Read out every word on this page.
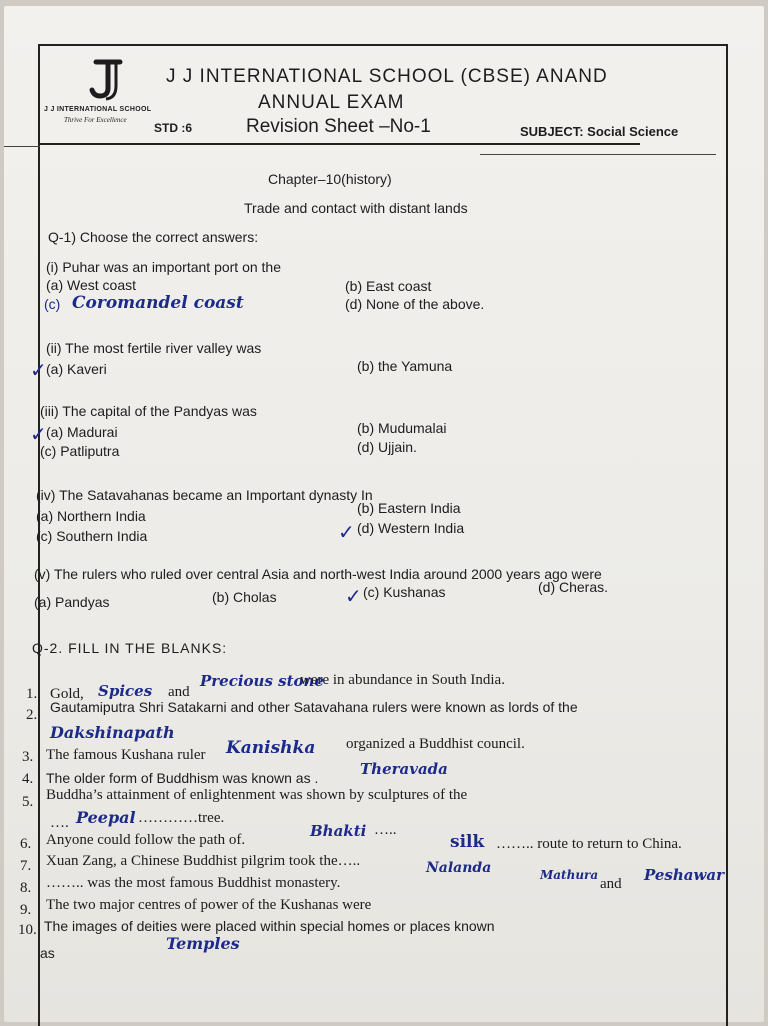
J J INTERNATIONAL SCHOOL
Thrive For Excellence
J J INTERNATIONAL SCHOOL (CBSE) ANAND
ANNUAL EXAM
STD :6	Revision Sheet –No-1	SUBJECT: Social Science
Chapter–10(history)
Trade and contact with distant lands
Q-1) Choose the correct answers:
(i) Puhar was an important port on the
(a) West coast	(b) East coast
(c) Coromandel coast	(d) None of the above.
(ii) The most fertile river valley was
✓ (a) Kaveri	(b) the Yamuna
(iii) The capital of the Pandyas was
✓ (a) Madurai	(b) Mudumalai
(c) Patliputra	(d) Ujjain.
(iv) The Satavahanas became an Important dynasty In
(a) Northern India	(b) Eastern India
(c) Southern India	✓ (d) Western India
(v) The rulers who ruled over central Asia and north-west India around 2000 years ago were
(a) Pandyas	(b) Cholas	✓ (c) Kushanas	(d) Cheras.
Q-2. FILL IN THE BLANKS:
1. Gold, Spices and
Precious stone
were in abundance in South India.
2. Gautamiputra Shri Satakarni and other Satavahana rulers were known as lords of the
Dakshinapath
3. The famous Kushana ruler Kanishka organized a Buddhist council.
4. The older form of Buddhism was known as .	Theravada
5. Buddha’s attainment of enlightenment was shown by sculptures of the
…. Peepal …………tree.
6. Anyone could follow the path of.	Bhakti …..
7. Xuan Zang, a Chinese Buddhist pilgrim took the…..
silk …….. route to return to China.
8. …….. was the most famous Buddhist monastery.
Nalanda
9. The two major centres of power of the Kushanas were
Mathura
and Peshawar
10. The images of deities were placed within special homes or places known
as	Temples
